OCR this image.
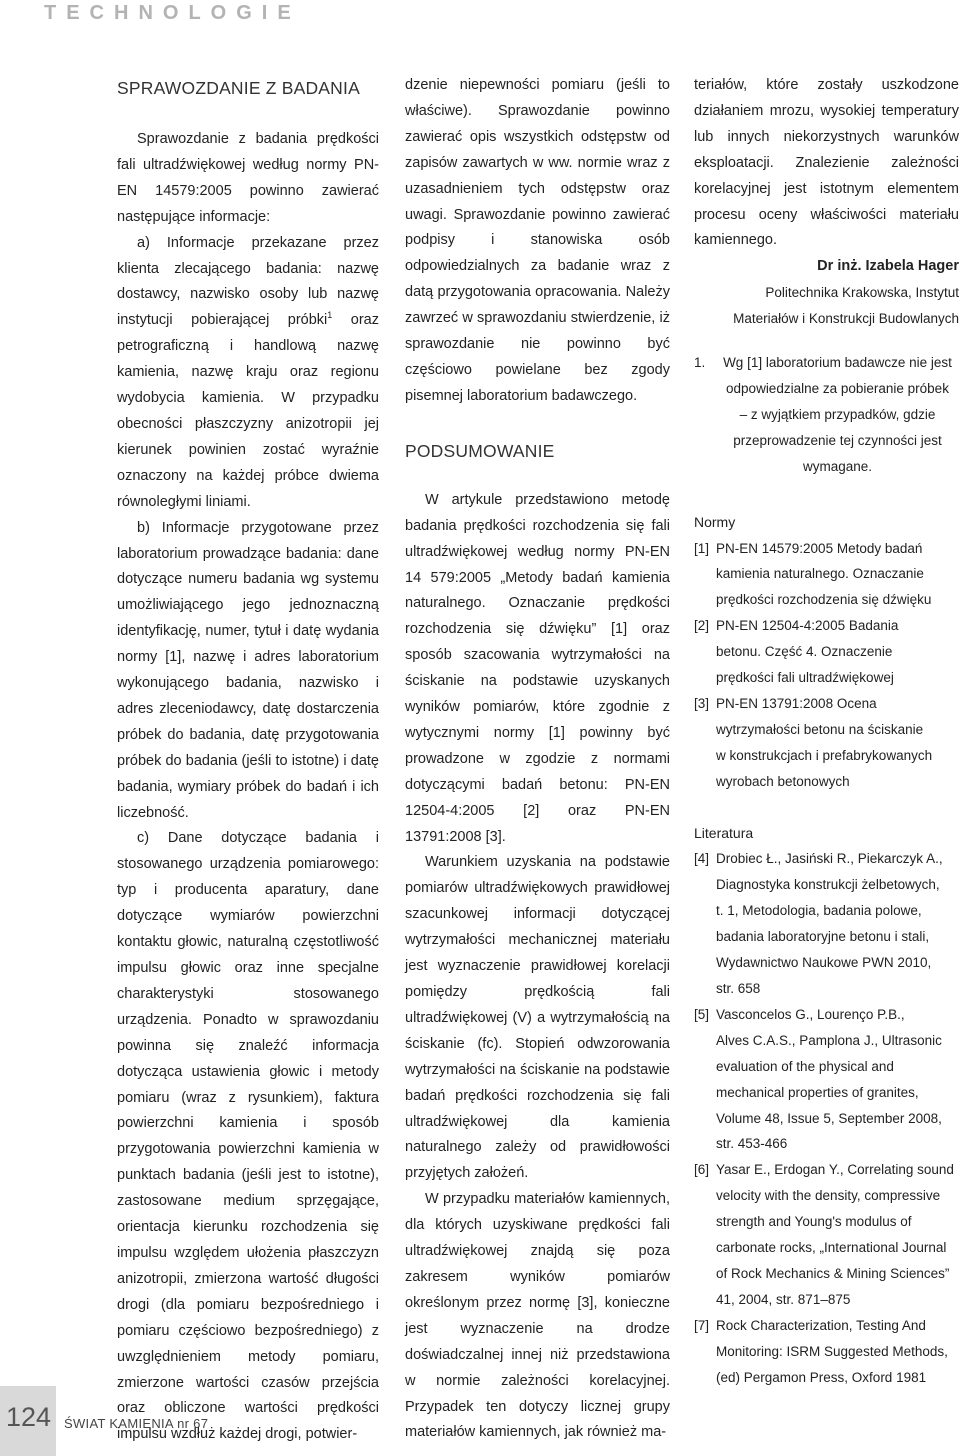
TECHNOLOGIE
SPRAWOZDANIE Z BADANIA

Sprawozdanie z badania prędkości fali ultradźwiękowej według normy PN-EN 14579:2005 powinno zawierać następujące informacje:

a) Informacje przekazane przez klienta zlecającego badania: nazwę dostawcy, nazwisko osoby lub nazwę instytucji pobierającej próbki$^1$ oraz petrograficzną i handlową nazwę kamienia, nazwę kraju oraz regionu wydobycia kamienia. W przypadku obecności płaszczyzny anizotropii jej kierunek powinien zostać wyraźnie oznaczony na każdej próbce dwiema równoległymi liniami.

b) Informacje przygotowane przez laboratorium prowadzące badania: dane dotyczące numeru badania wg systemu umożliwiającego jego jednoznaczną identyfikację, numer, tytuł i datę wydania normy [1], nazwę i adres laboratorium wykonującego badania, nazwisko i adres zleceniodawcy, datę dostarczenia próbek do badania, datę przygotowania próbek do badania (jeśli to istotne) i datę badania, wymiary próbek do badań i ich liczebność.

c) Dane dotyczące badania i stosowanego urządzenia pomiarowego: typ i producenta aparatury, dane dotyczące wymiarów powierzchni kontaktu głowic, naturalną częstotliwość impulsu głowic oraz inne specjalne charakterystyki stosowanego urządzenia. Ponadto w sprawozdaniu powinna się znaleźć informacja dotycząca ustawienia głowic i metody pomiaru (wraz z rysunkiem), faktura powierzchni kamienia i sposób przygotowania powierzchni kamienia w punktach badania (jeśli jest to istotne), zastosowane medium sprzęgające, orientacja kierunku rozchodzenia się impulsu względem ułożenia płaszczyzn anizotropii, zmierzona wartość długości drogi (dla pomiaru bezpośredniego i pomiaru częściowo bezpośredniego) z uwzględnieniem metody pomiaru, zmierzone wartości czasów przejścia oraz obliczone wartości prędkości impulsu wzdłuż każdej drogi, potwier-

dzenie niepewności pomiaru (jeśli to właściwe). Sprawozdanie powinno zawierać opis wszystkich odstępstw od zapisów zawartych w ww. normie wraz z uzasadnieniem tych odstępstw oraz uwagi. Sprawozdanie powinno zawierać podpisy i stanowiska osób odpowiedzialnych za badanie wraz z datą przygotowania opracowania. Należy zawrzeć w sprawozdaniu stwierdzenie, iż sprawozdanie nie powinno być częściowo powielane bez zgody pisemnej laboratorium badawczego.

PODSUMOWANIE

W artykule przedstawiono metodę badania prędkości rozchodzenia się fali ultradźwiękowej według normy PN-EN 14 579:2005 „Metody badań kamienia naturalnego. Oznaczanie prędkości rozchodzenia się dźwięku” [1] oraz sposób szacowania wytrzymałości na ściskanie na podstawie uzyskanych wyników pomiarów, które zgodnie z wytycznymi normy [1] powinny być prowadzone w zgodzie z normami dotyczącymi badań betonu: PN-EN 12504-4:2005 [2] oraz PN-EN 13791:2008 [3].

Warunkiem uzyskania na podstawie pomiarów ultradźwiękowych prawidłowej szacunkowej informacji dotyczącej wytrzymałości mechanicznej materiału jest wyznaczenie prawidłowej korelacji pomiędzy prędkością fali ultradźwiękowej (V) a wytrzymałością na ściskanie (fc). Stopień odwzorowania wytrzymałości na ściskanie na podstawie badań prędkości rozchodzenia się fali ultradźwiękowej dla kamienia naturalnego zależy od prawidłowości przyjętych założeń.

W przypadku materiałów kamiennych, dla których uzyskiwane prędkości fali ultradźwiękowej znajdą się poza zakresem wyników pomiarów określonym przez normę [3], konieczne jest wyznaczenie na drodze doświadczalnej innej niż przedstawiona w normie zależności korelacyjnej. Przypadek ten dotyczy licznej grupy materiałów kamiennych, jak również ma-

teriałów, które zostały uszkodzone działaniem mrozu, wysokiej temperatury lub innych niekorzystnych warunków eksploatacji. Znalezienie zależności korelacyjnej jest istotnym elementem procesu oceny właściwości materiału kamiennego.

Dr inż. Izabela Hager
Politechnika Krakowska, Instytut
Materiałów i Konstrukcji Budowlanych
1.	Wg [1] laboratorium badawcze nie jest
odpowiedzialne za pobieranie próbek
– z wyjątkiem przypadków, gdzie
przeprowadzenie tej czynności jest
wymagane.
Normy
[1] PN-EN 14579:2005 Metody badań
kamienia naturalnego. Oznaczanie
prędkości rozchodzenia się dźwięku
[2] PN-EN 12504-4:2005 Badania
betonu. Część 4. Oznaczenie
prędkości fali ultradźwiękowej
[3] PN-EN 13791:2008 Ocena
wytrzymałości betonu na ściskanie
w konstrukcjach i prefabrykowanych
wyrobach betonowych
Literatura
[4] Drobiec Ł., Jasiński R., Piekarczyk A.,
Diagnostyka konstrukcji żelbetowych,
t. 1, Metodologia, badania polowe,
badania laboratoryjne betonu i stali,
Wydawnictwo Naukowe PWN 2010,
str. 658
[5] Vasconcelos G., Lourenço P.B.,
Alves C.A.S., Pamplona J., Ultrasonic
evaluation of the physical and
mechanical properties of granites,
Volume 48, Issue 5, September 2008,
str. 453-466
[6] Yasar E., Erdogan Y., Correlating sound
velocity with the density, compressive
strength and Young's modulus of
carbonate rocks, „International Journal
of Rock Mechanics & Mining Sciences”
41, 2004, str. 871–875
[7] Rock Characterization, Testing And
Monitoring: ISRM Suggested Methods,
(ed) Pergamon Press, Oxford 1981
124 ŚWIAT KAMIENIA nr 67
